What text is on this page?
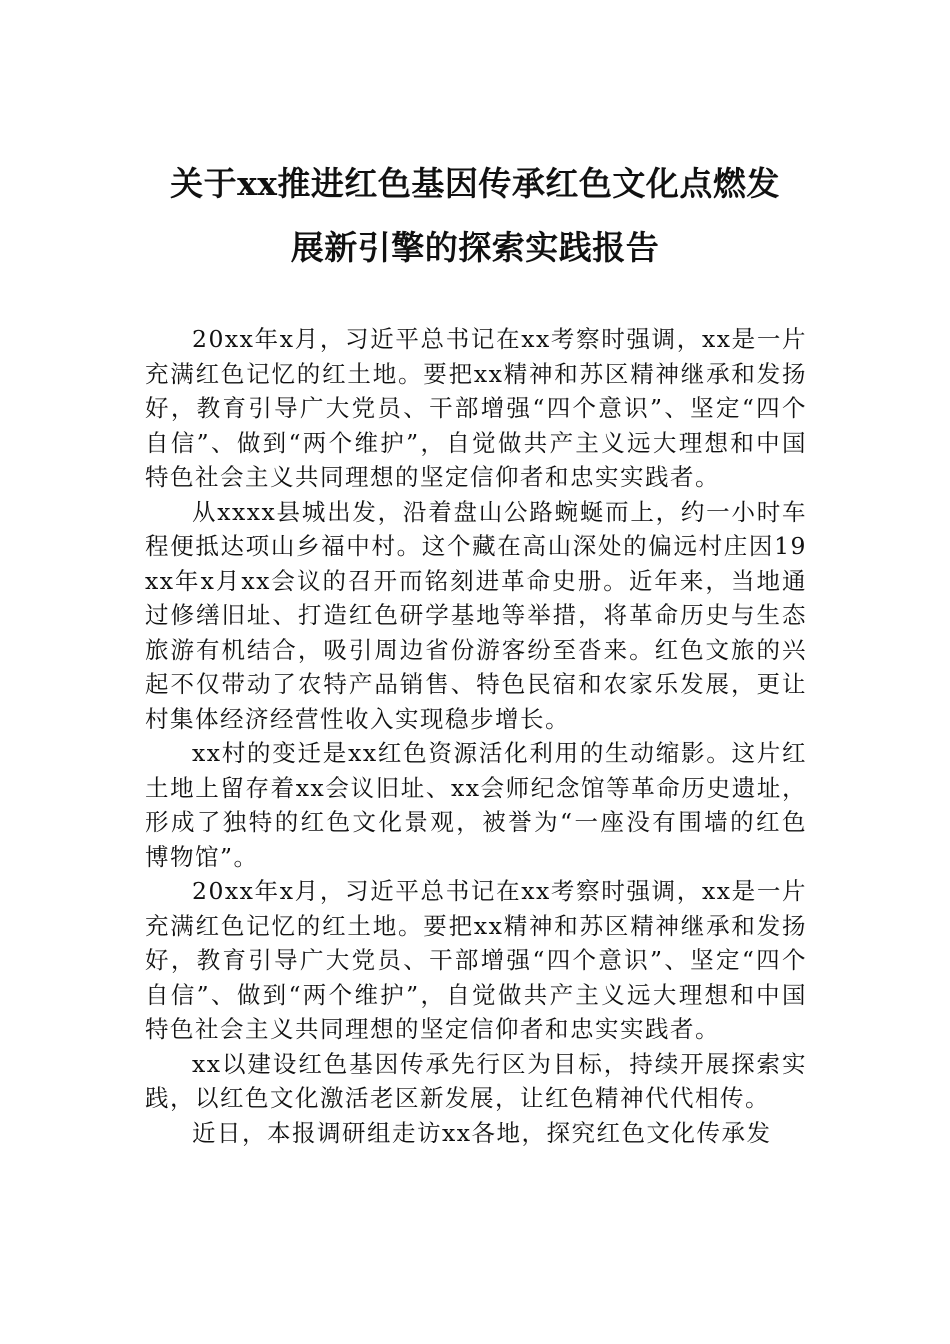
关于xx推进红色基因传承红色文化点燃发
展新引擎的探索实践报告

20xx年x月，习近平总书记在xx考察时强调，xx是一片充满红色记忆的红土地。要把xx精神和苏区精神继承和发扬好，教育引导广大党员、干部增强“四个意识”、坚定“四个自信”、做到“两个维护”，自觉做共产主义远大理想和中国特色社会主义共同理想的坚定信仰者和忠实实践者。

从xxxx县城出发，沿着盘山公路蜿蜒而上，约一小时车程便抵达项山乡福中村。这个藏在高山深处的偏远村庄因19xx年x月xx会议的召开而铭刻进革命史册。近年来，当地通过修缮旧址、打造红色研学基地等举措，将革命历史与生态旅游有机结合，吸引周边省份游客纷至沓来。红色文旅的兴起不仅带动了农特产品销售、特色民宿和农家乐发展，更让村集体经济经营性收入实现稳步增长。

xx村的变迁是xx红色资源活化利用的生动缩影。这片红土地上留存着xx会议旧址、xx会师纪念馆等革命历史遗址，形成了独特的红色文化景观，被誉为“一座没有围墙的红色博物馆”。

20xx年x月，习近平总书记在xx考察时强调，xx是一片充满红色记忆的红土地。要把xx精神和苏区精神继承和发扬好，教育引导广大党员、干部增强“四个意识”、坚定“四个自信”、做到“两个维护”，自觉做共产主义远大理想和中国特色社会主义共同理想的坚定信仰者和忠实实践者。

xx以建设红色基因传承先行区为目标，持续开展探索实践，以红色文化激活老区新发展，让红色精神代代相传。

近日，本报调研组走访xx各地，探究红色文化传承发
